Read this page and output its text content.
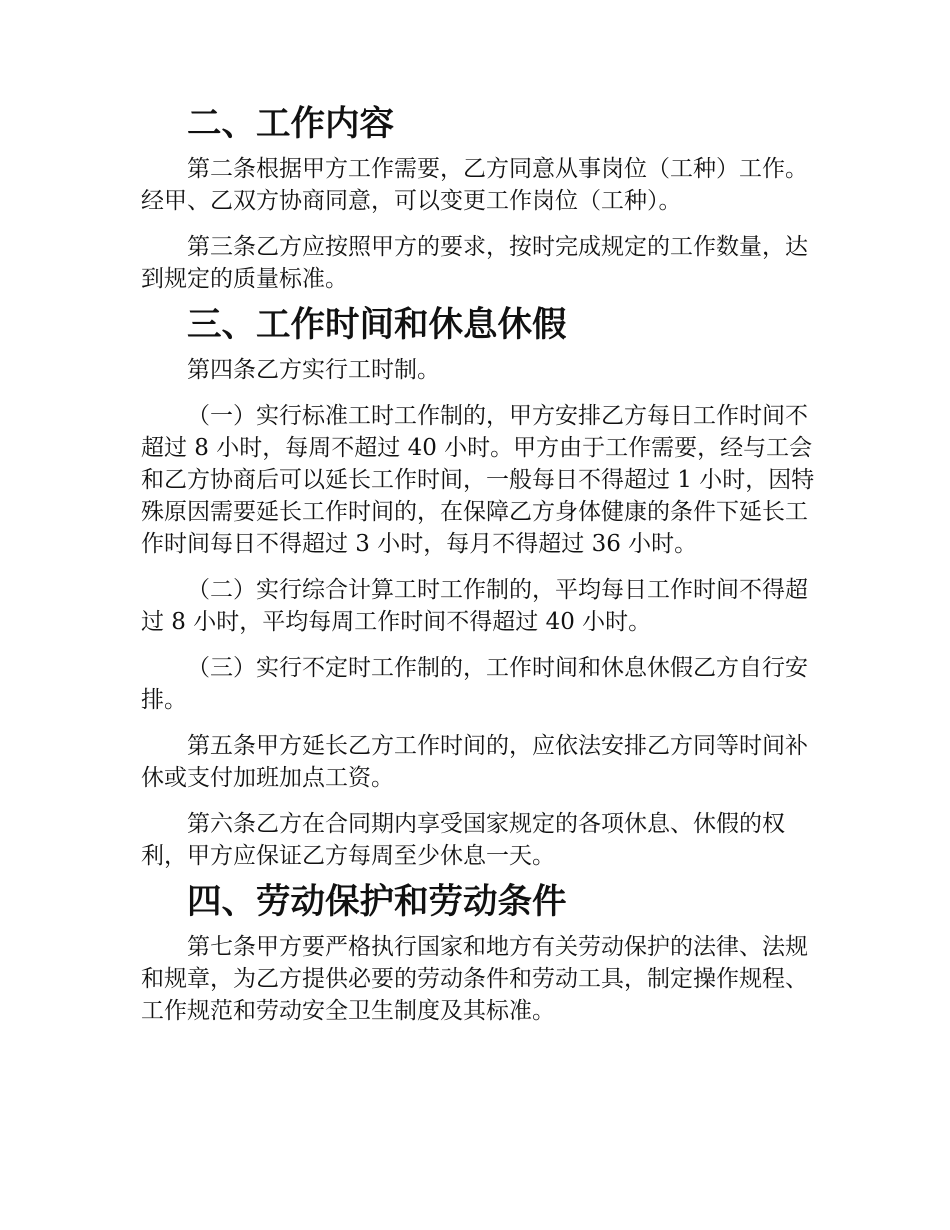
二、工作内容

第二条根据甲方工作需要，乙方同意从事岗位（工种）工作。经甲、乙双方协商同意，可以变更工作岗位（工种）。

第三条乙方应按照甲方的要求，按时完成规定的工作数量，达到规定的质量标准。

三、工作时间和休息休假

第四条乙方实行工时制。

（一）实行标准工时工作制的，甲方安排乙方每日工作时间不超过 8 小时，每周不超过 40 小时。甲方由于工作需要，经与工会和乙方协商后可以延长工作时间，一般每日不得超过 1 小时，因特殊原因需要延长工作时间的，在保障乙方身体健康的条件下延长工作时间每日不得超过 3 小时，每月不得超过 36 小时。

（二）实行综合计算工时工作制的，平均每日工作时间不得超过 8 小时，平均每周工作时间不得超过 40 小时。

（三）实行不定时工作制的，工作时间和休息休假乙方自行安排。

第五条甲方延长乙方工作时间的，应依法安排乙方同等时间补休或支付加班加点工资。

第六条乙方在合同期内享受国家规定的各项休息、休假的权利，甲方应保证乙方每周至少休息一天。

四、劳动保护和劳动条件

第七条甲方要严格执行国家和地方有关劳动保护的法律、法规和规章，为乙方提供必要的劳动条件和劳动工具，制定操作规程、工作规范和劳动安全卫生制度及其标准。
